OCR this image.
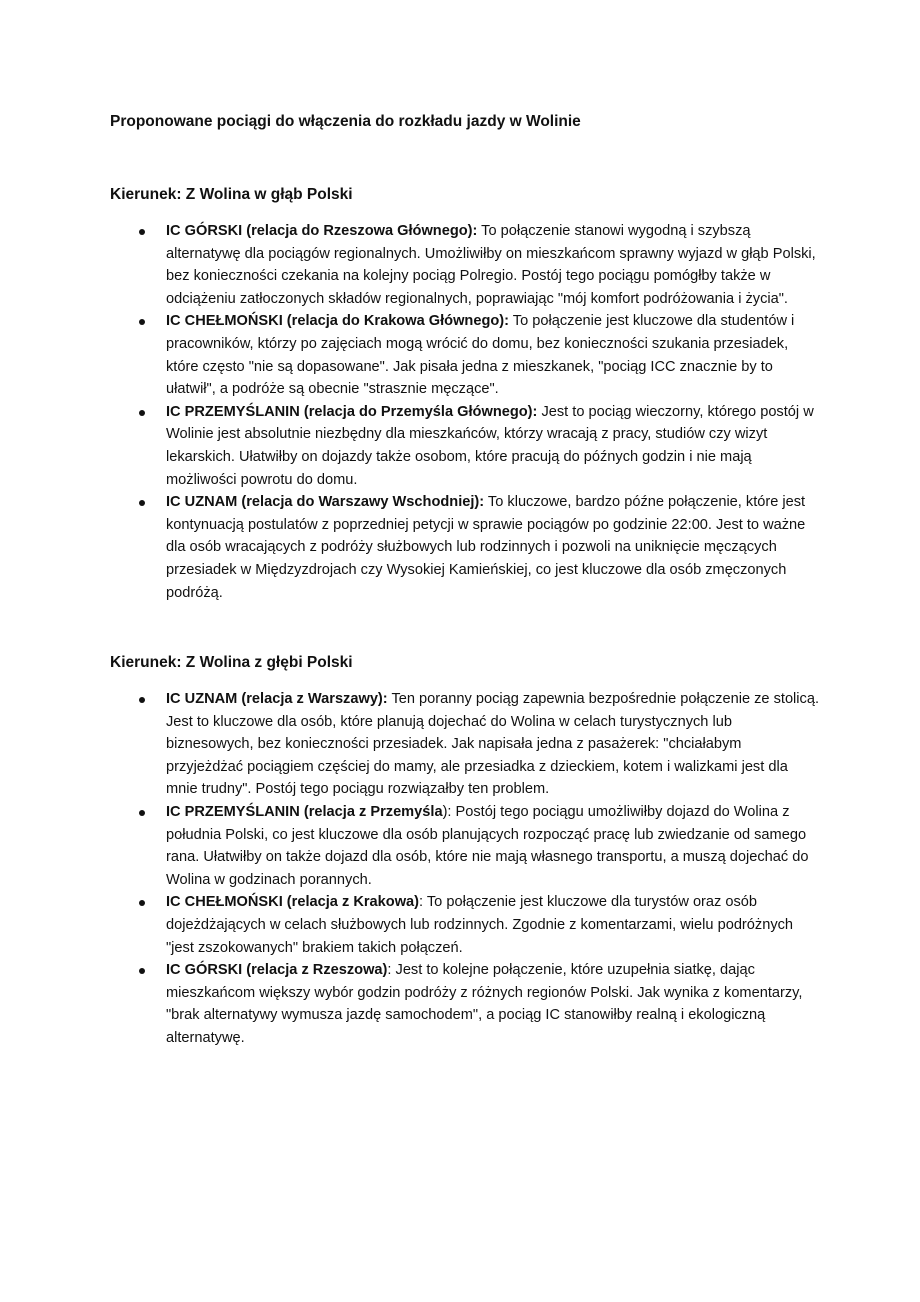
Proponowane pociągi do włączenia do rozkładu jazdy w Wolinie
Kierunek: Z Wolina w głąb Polski
IC GÓRSKI (relacja do Rzeszowa Głównego): To połączenie stanowi wygodną i szybszą alternatywę dla pociągów regionalnych. Umożliwiłby on mieszkańcom sprawny wyjazd w głąb Polski, bez konieczności czekania na kolejny pociąg Polregio. Postój tego pociągu pomógłby także w odciążeniu zatłoczonych składów regionalnych, poprawiając "mój komfort podróżowania i życia".
IC CHEŁMOŃSKI (relacja do Krakowa Głównego): To połączenie jest kluczowe dla studentów i pracowników, którzy po zajęciach mogą wrócić do domu, bez konieczności szukania przesiadek, które często "nie są dopasowane". Jak pisała jedna z mieszkanek, "pociąg ICC znacznie by to ułatwił", a podróże są obecnie "strasznie męczące".
IC PRZEMYŚLANIN (relacja do Przemyśla Głównego): Jest to pociąg wieczorny, którego postój w Wolinie jest absolutnie niezbędny dla mieszkańców, którzy wracają z pracy, studiów czy wizyt lekarskich. Ułatwiłby on dojazdy także osobom, które pracują do późnych godzin i nie mają możliwości powrotu do domu.
IC UZNAM (relacja do Warszawy Wschodniej): To kluczowe, bardzo późne połączenie, które jest kontynuacją postulatów z poprzedniej petycji w sprawie pociągów po godzinie 22:00. Jest to ważne dla osób wracających z podróży służbowych lub rodzinnych i pozwoli na uniknięcie męczących przesiadek w Międzyzdrojach czy Wysokiej Kamieńskiej, co jest kluczowe dla osób zmęczonych podróżą.
Kierunek: Z Wolina z głębi Polski
IC UZNAM (relacja z Warszawy): Ten poranny pociąg zapewnia bezpośrednie połączenie ze stolicą. Jest to kluczowe dla osób, które planują dojechać do Wolina w celach turystycznych lub biznesowych, bez konieczności przesiadek. Jak napisała jedna z pasażerek: "chciałabym przyjeżdżać pociągiem częściej do mamy, ale przesiadka z dzieckiem, kotem i walizkami jest dla mnie trudny". Postój tego pociągu rozwiązałby ten problem.
IC PRZEMYŚLANIN (relacja z Przemyśla): Postój tego pociągu umożliwiłby dojazd do Wolina z południa Polski, co jest kluczowe dla osób planujących rozpocząć pracę lub zwiedzanie od samego rana. Ułatwiłby on także dojazd dla osób, które nie mają własnego transportu, a muszą dojechać do Wolina w godzinach porannych.
IC CHEŁMOŃSKI (relacja z Krakowa): To połączenie jest kluczowe dla turystów oraz osób dojeżdżających w celach służbowych lub rodzinnych. Zgodnie z komentarzami, wielu podróżnych "jest zszokowanych" brakiem takich połączeń.
IC GÓRSKI (relacja z Rzeszowa): Jest to kolejne połączenie, które uzupełnia siatkę, dając mieszkańcom większy wybór godzin podróży z różnych regionów Polski. Jak wynika z komentarzy, "brak alternatywy wymusza jazdę samochodem", a pociąg IC stanowiłby realną i ekologiczną alternatywę.
